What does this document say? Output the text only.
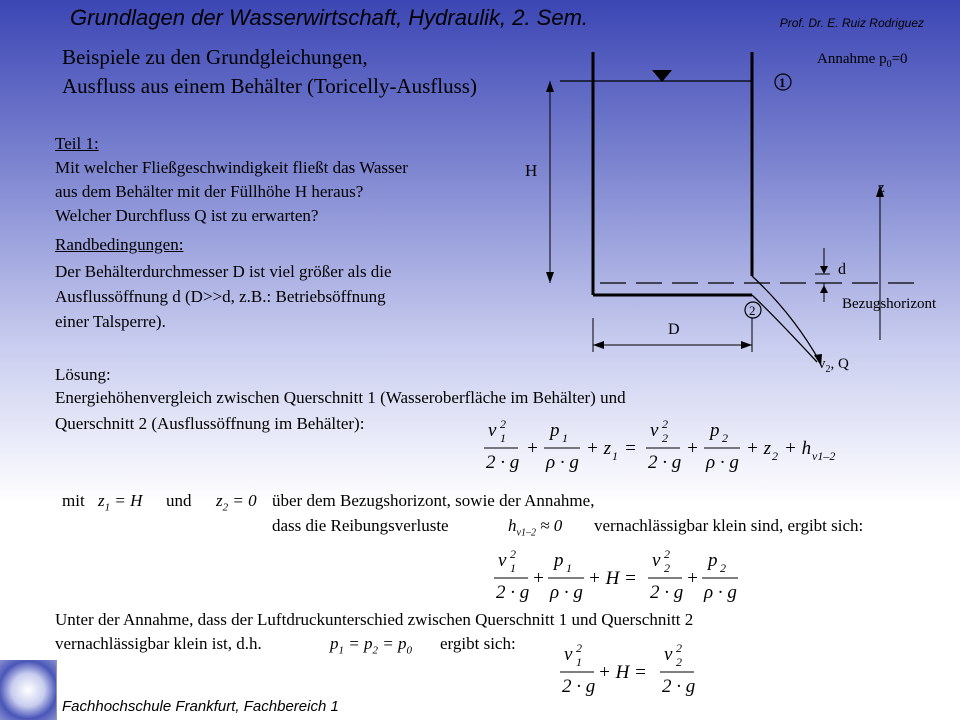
Grundlagen der Wasserwirtschaft, Hydraulik, 2. Sem.	Prof. Dr. E. Ruiz Rodriguez
Beispiele zu den Grundgleichungen,
Ausfluss aus einem Behälter (Toricelly-Ausfluss)
Teil 1:
Mit welcher Fließgeschwindigkeit fließt das Wasser
aus dem Behälter mit der Füllhöhe H heraus?
Welcher Durchfluss Q ist zu erwarten?
Randbedingungen:
Der Behälterdurchmesser D ist viel größer als die
Ausflussöffnung d (D>>d, z.B.: Betriebsöffnung
einer Talsperre).
H
z
d
Bezugshorizont
D
1
2
Annahme $p_0=0$
$v_2$, Q
Lösung:
Energiehöhenvergleich zwischen Querschnitt 1 (Wasseroberfläche im Behälter) und
Querschnitt 2 (Ausflussöffnung im Behälter):	v 2
1
2 · g
+
p 1
ρ · g
+ z 1 =
v 2
2
2 · g
+
p 2
ρ · g
+ z 2 + h v1–2
mit $z_1 = H$ und $z_2 = 0$ über dem Bezugshorizont, sowie der Annahme,
dass die Reibungsverluste	$h_{v1-2} \approx 0$ vernachlässigbar klein sind, ergibt sich:
v 2
1
2 · g
+
p 1
ρ · g
+ H =
v 2
2
2 · g
+
p 2
ρ · g
Unter der Annahme, dass der Luftdruckunterschied zwischen Querschnitt 1 und Querschnitt 2
vernachlässigbar klein ist, d.h.	$p_1 = p_2 = p_0$ ergibt sich:
v 2
1
2 · g
+ H =
v 2
2
2 · g
Fachhochschule Frankfurt, Fachbereich 1
